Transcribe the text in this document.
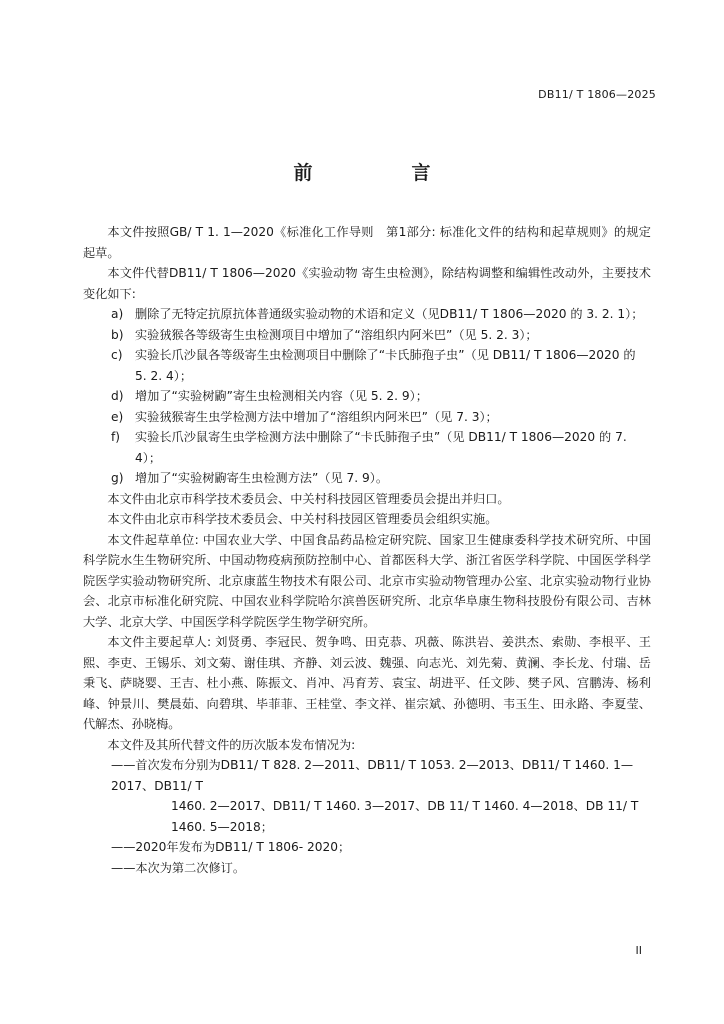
DB11/ T 1806—2025
前　言

本文件按照GB/ T 1. 1—2020《标准化工作导则　第1部分: 标准化文件的结构和起草规则》的规定起草。

本文件代替DB11/ T 1806—2020《实验动物 寄生虫检测》，除结构调整和编辑性改动外，主要技术变化如下:

a) 删除了无特定抗原抗体普通级实验动物的术语和定义（见DB11/ T 1806—2020 的 3. 2. 1）；
b) 实验狨猴各等级寄生虫检测项目中增加了“溶组织内阿米巴”（见 5. 2. 3）；
c)	实验长爪沙鼠各等级寄生虫检测项目中删除了“卡氏肺孢子虫”（见 DB11/ T 1806—2020 的 5. 2. 4）；
d) 增加了“实验树鼩”寄生虫检测相关内容（见 5. 2. 9）；
e) 实验狨猴寄生虫学检测方法中增加了“溶组织内阿米巴”（见 7. 3）；
f)	实验长爪沙鼠寄生虫学检测方法中删除了“卡氏肺孢子虫”（见 DB11/ T 1806—2020 的 7. 4）；
g) 增加了“实验树鼩寄生虫检测方法”（见 7. 9）。

本文件由北京市科学技术委员会、中关村科技园区管理委员会提出并归口。

本文件由北京市科学技术委员会、中关村科技园区管理委员会组织实施。

本文件起草单位: 中国农业大学、中国食品药品检定研究院、国家卫生健康委科学技术研究所、中国科学院水生生物研究所、中国动物疫病预防控制中心、首都医科大学、浙江省医学科学院、中国医学科学院医学实验动物研究所、北京康蓝生物技术有限公司、北京市实验动物管理办公室、北京实验动物行业协会、北京市标准化研究院、中国农业科学院哈尔滨兽医研究所、北京华阜康生物科技股份有限公司、吉林大学、北京大学、中国医学科学院医学生物学研究所。

本文件主要起草人: 刘贤勇、李冠民、贺争鸣、田克恭、巩薇、陈洪岩、姜洪杰、索勋、李根平、王熙、李吏、王锡乐、刘文菊、谢佳琪、齐静、刘云波、魏强、向志光、刘先菊、黄澜、李长龙、付瑞、岳秉飞、萨晓婴、王吉、杜小燕、陈振文、肖冲、冯育芳、袁宝、胡进平、任文陟、樊子风、宫鹏涛、杨利峰、钟景川、樊晨茹、向碧琪、毕菲菲、王桂堂、李文祥、崔宗斌、孙德明、韦玉生、田永路、李夏莹、代解杰、孙晓梅。

本文件及其所代替文件的历次版本发布情况为:

——首次发布分别为DB11/ T 828. 2—2011、DB11/ T 1053. 2—2013、DB11/ T 1460. 1—2017、DB11/ T

1460. 2—2017、DB11/ T 1460. 3—2017、DB 11/ T 1460. 4—2018、DB 11/ T 1460. 5—2018；

——2020年发布为DB11/ T 1806- 2020；

——本次为第二次修订。

II
